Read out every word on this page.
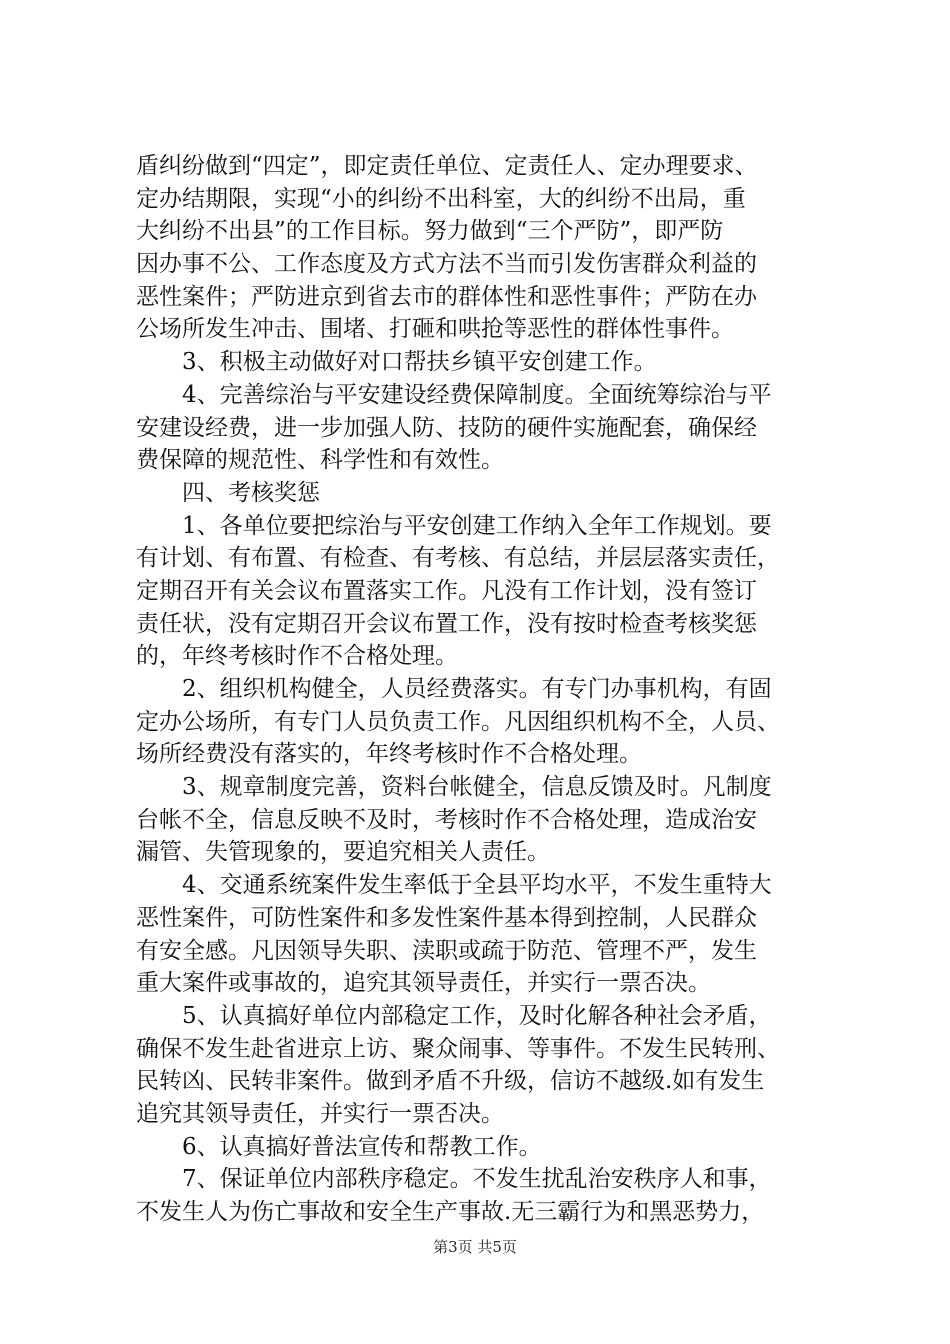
盾纠纷做到“四定”，即定责任单位、定责任人、定办理要求、
定办结期限，实现“小的纠纷不出科室，大的纠纷不出局，重
大纠纷不出县”的工作目标。努力做到“三个严防”，即严防
因办事不公、工作态度及方式方法不当而引发伤害群众利益的
恶性案件；严防进京到省去市的群体性和恶性事件；严防在办
公场所发生冲击、围堵、打砸和哄抢等恶性的群体性事件。
　　3、积极主动做好对口帮扶乡镇平安创建工作。
　　4、完善综治与平安建设经费保障制度。全面统筹综治与平
安建设经费，进一步加强人防、技防的硬件实施配套，确保经
费保障的规范性、科学性和有效性。
　　四、考核奖惩
　　1、各单位要把综治与平安创建工作纳入全年工作规划。要
有计划、有布置、有检查、有考核、有总结，并层层落实责任，
定期召开有关会议布置落实工作。凡没有工作计划，没有签订
责任状，没有定期召开会议布置工作，没有按时检查考核奖惩
的，年终考核时作不合格处理。
　　2、组织机构健全，人员经费落实。有专门办事机构，有固
定办公场所，有专门人员负责工作。凡因组织机构不全，人员、
场所经费没有落实的，年终考核时作不合格处理。
　　3、规章制度完善，资料台帐健全，信息反馈及时。凡制度
台帐不全，信息反映不及时，考核时作不合格处理，造成治安
漏管、失管现象的，要追究相关人责任。
　　4、交通系统案件发生率低于全县平均水平，不发生重特大
恶性案件，可防性案件和多发性案件基本得到控制，人民群众
有安全感。凡因领导失职、渎职或疏于防范、管理不严，发生
重大案件或事故的，追究其领导责任，并实行一票否决。
　　5、认真搞好单位内部稳定工作，及时化解各种社会矛盾，
确保不发生赴省进京上访、聚众闹事、等事件。不发生民转刑、
民转凶、民转非案件。做到矛盾不升级，信访不越级.如有发生
追究其领导责任，并实行一票否决。
　　6、认真搞好普法宣传和帮教工作。
　　7、保证单位内部秩序稳定。不发生扰乱治安秩序人和事，
不发生人为伤亡事故和安全生产事故.无三霸行为和黑恶势力，
第3页 共5页
